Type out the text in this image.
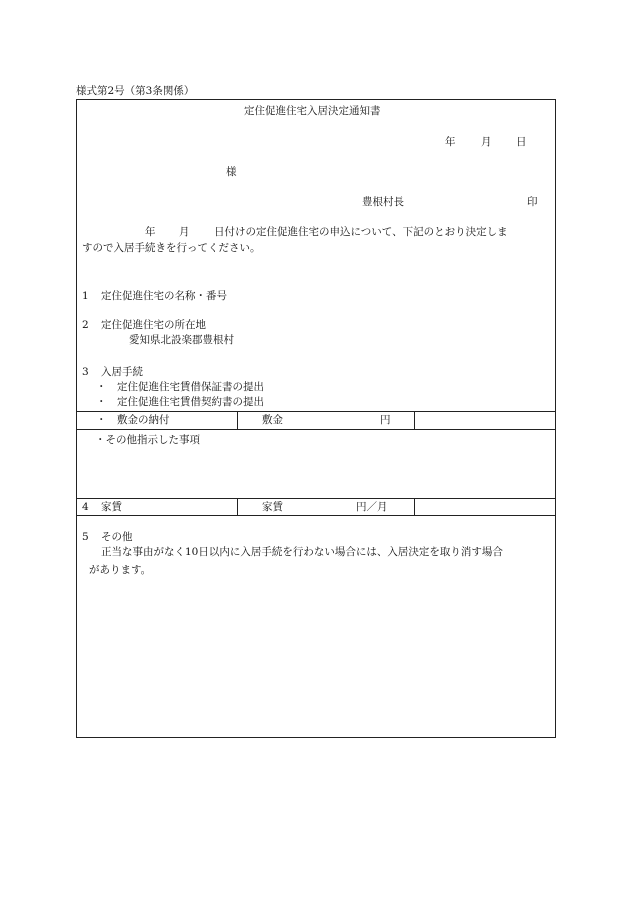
様式第2号（第3条関係）
定住促進住宅入居決定通知書
年 月 日
様
豊根村長	印
年 月 日付けの定住促進住宅の申込について、下記のとおり決定しま
すので入居手続きを行ってください。
1 定住促進住宅の名称・番号
2 定住促進住宅の所在地
愛知県北設楽郡豊根村
3 入居手続
・　定住促進住宅賃借保証書の提出
・　定住促進住宅賃借契約書の提出
・　敷金の納付	敷金	円
・その他指示した事項
4 家賃	家賃	円／月
5 その他
正当な事由がなく10日以内に入居手続を行わない場合には、入居決定を取り消す場合
があります。
